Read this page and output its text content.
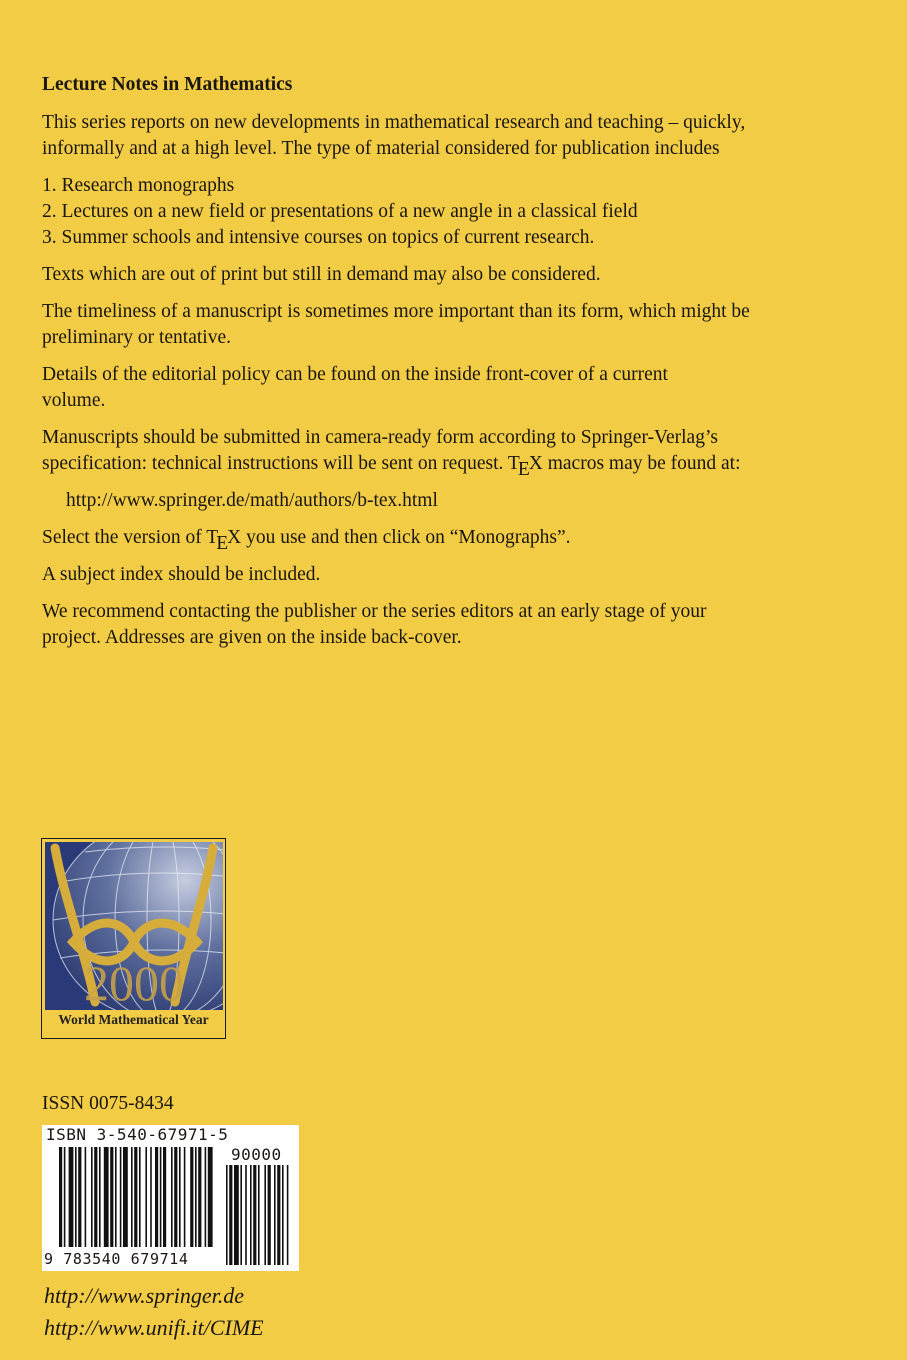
Lecture Notes in Mathematics

This series reports on new developments in mathematical research and teaching – quickly, informally and at a high level. The type of material considered for publication includes

1. Research monographs
2. Lectures on a new field or presentations of a new angle in a classical field
3. Summer schools and intensive courses on topics of current research.

Texts which are out of print but still in demand may also be considered.

The timeliness of a manuscript is sometimes more important than its form, which might be preliminary or tentative.

Details of the editorial policy can be found on the inside front-cover of a current volume.

Manuscripts should be submitted in camera-ready form according to Springer-Verlag’s specification: technical instructions will be sent on request. TEX macros may be found at:

http://www.springer.de/math/authors/b-tex.html

Select the version of TEX you use and then click on “Monographs”.

A subject index should be included.

We recommend contacting the publisher or the series editors at an early stage of your project. Addresses are given on the inside back-cover.

2000
World Mathematical Year
ISSN 0075-8434
ISBN 3-540-67971-5
90000
9 783540 679714
http://www.springer.de
http://www.unifi.it/CIME
